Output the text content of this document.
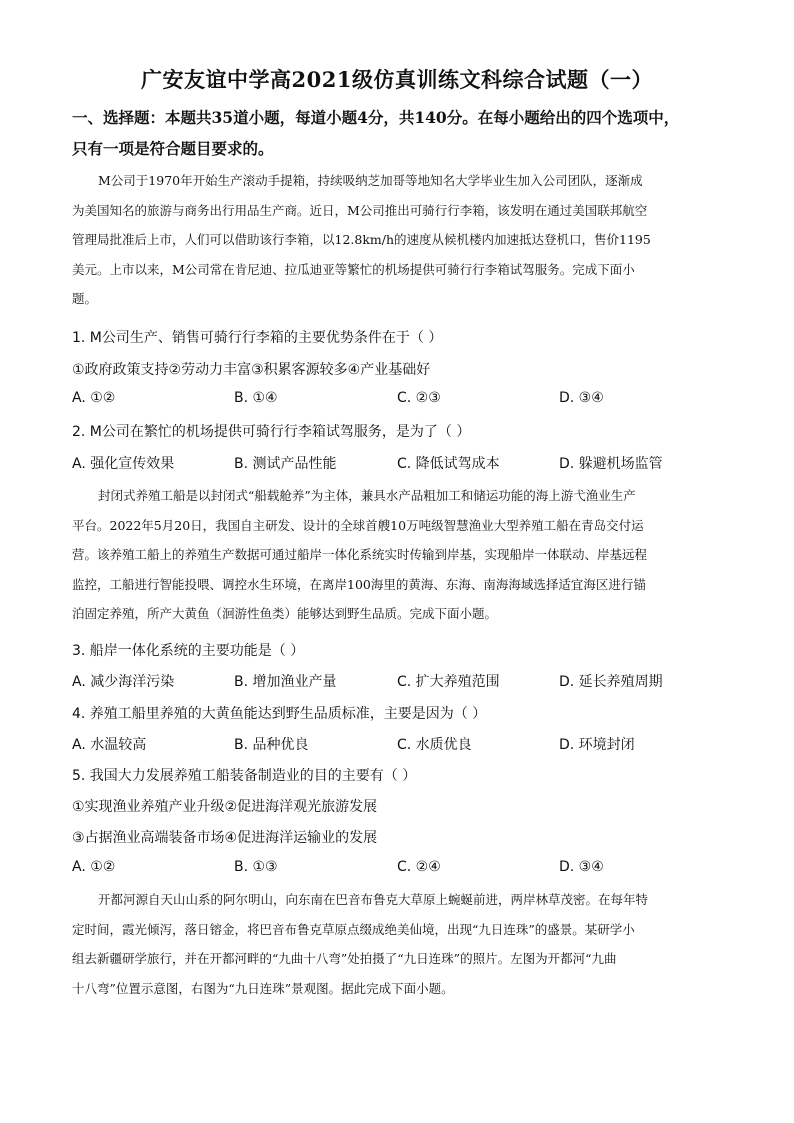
广安友谊中学高2021级仿真训练文科综合试题（一）

一、选择题：本题共35道小题，每道小题4分，共140分。在每小题给出的四个选项中，

只有一项是符合题目要求的。

M公司于1970年开始生产滚动手提箱，持续吸纳芝加哥等地知名大学毕业生加入公司团队，逐渐成

为美国知名的旅游与商务出行用品生产商。近日，M公司推出可骑行行李箱，该发明在通过美国联邦航空

管理局批准后上市，人们可以借助该行李箱，以12.8km/h的速度从候机楼内加速抵达登机口，售价1195

美元。上市以来，M公司常在肯尼迪、拉瓜迪亚等繁忙的机场提供可骑行行李箱试驾服务。完成下面小

题。

1. M公司生产、销售可骑行行李箱的主要优势条件在于（ ）
①政府政策支持②劳动力丰富③积累客源较多④产业基础好
A. ①②	B. ①④	C. ②③	D. ③④
2. M公司在繁忙的机场提供可骑行行李箱试驾服务，是为了（ ）
A. 强化宣传效果	B. 测试产品性能	C. 降低试驾成本	D. 躲避机场监管

封闭式养殖工船是以封闭式“船载舱养”为主体，兼具水产品粗加工和储运功能的海上游弋渔业生产

平台。2022年5月20日，我国自主研发、设计的全球首艘10万吨级智慧渔业大型养殖工船在青岛交付运

营。该养殖工船上的养殖生产数据可通过船岸一体化系统实时传输到岸基，实现船岸一体联动、岸基远程

监控，工船进行智能投喂、调控水生环境，在离岸100海里的黄海、东海、南海海域选择适宜海区进行锚

泊固定养殖，所产大黄鱼（洄游性鱼类）能够达到野生品质。完成下面小题。

3. 船岸一体化系统的主要功能是（ ）
A. 减少海洋污染	B. 增加渔业产量	C. 扩大养殖范围	D. 延长养殖周期
4. 养殖工船里养殖的大黄鱼能达到野生品质标准，主要是因为（ ）
A. 水温较高	B. 品种优良	C. 水质优良	D. 环境封闭
5. 我国大力发展养殖工船装备制造业的目的主要有（ ）
①实现渔业养殖产业升级②促进海洋观光旅游发展
③占据渔业高端装备市场④促进海洋运输业的发展
A. ①②	B. ①③	C. ②④	D. ③④

开都河源自天山山系的阿尔明山，向东南在巴音布鲁克大草原上蜿蜒前进，两岸林草茂密。在每年特

定时间，霞光倾泻，落日镕金，将巴音布鲁克草原点缀成绝美仙境，出现“九日连珠”的盛景。某研学小

组去新疆研学旅行，并在开都河畔的“九曲十八弯”处拍摄了“九日连珠”的照片。左图为开都河“九曲

十八弯”位置示意图，右图为“九日连珠”景观图。据此完成下面小题。
